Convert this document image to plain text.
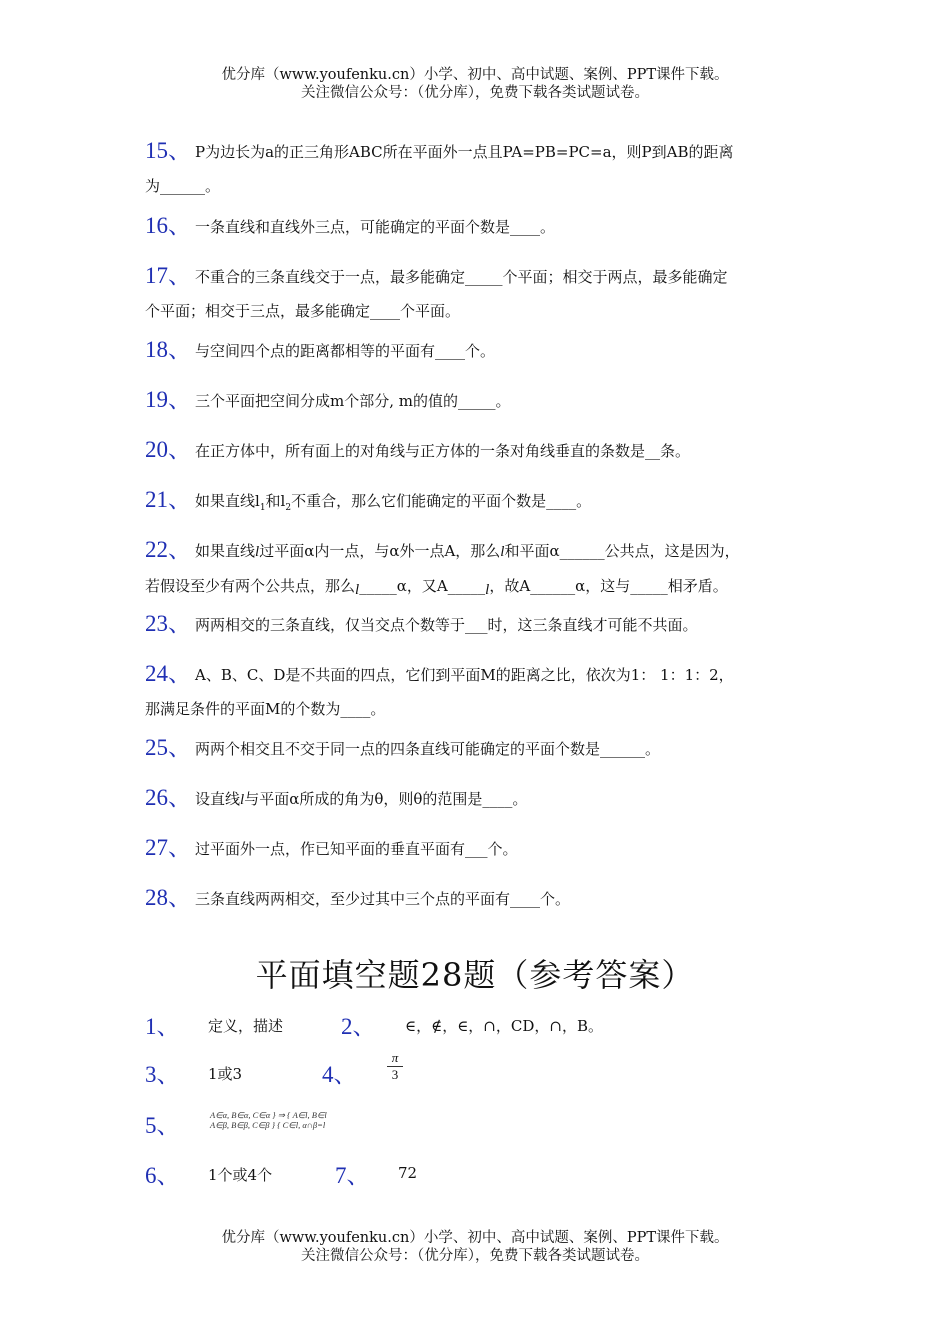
优分库（www.youfenku.cn）小学、初中、高中试题、案例、PPT课件下载。
关注微信公众号：（优分库），免费下载各类试题试卷。
15、 P为边长为a的正三角形ABC所在平面外一点且PA=PB=PC=a，则P到AB的距离
为______。
16、 一条直线和直线外三点，可能确定的平面个数是____。
17、 不重合的三条直线交于一点，最多能确定_____个平面；相交于两点，最多能确定
个平面；相交于三点，最多能确定____个平面。
18、 与空间四个点的距离都相等的平面有____个。
19、 三个平面把空间分成m个部分, m的值的_____。
20、 在正方体中，所有面上的对角线与正方体的一条对角线垂直的条数是__条。
21、 如果直线$l_1$和$l_2$不重合，那么它们能确定的平面个数是____。
22、 如果直线l过平面α内一点，与α外一点A，那么l和平面α______公共点，这是因为，
若假设至少有两个公共点，那么l_____α，又A_____l，故A______α，这与_____相矛盾。
23、 两两相交的三条直线，仅当交点个数等于___时，这三条直线才可能不共面。
24、 A、B、C、D是不共面的四点，它们到平面M的距离之比，依次为1： 1：1：2，
那满足条件的平面M的个数为____。
25、 两两个相交且不交于同一点的四条直线可能确定的平面个数是______。
26、 设直线l与平面α所成的角为θ，则θ的范围是____。
27、 过平面外一点，作已知平面的垂直平面有___个。
28、 三条直线两两相交，至少过其中三个点的平面有____个。
平面填空题28题（参考答案）
1、 定义，描述	2、 ∈，∉，∈，∩，CD，∩，B。
3、 1或3	4、
π
3
5、	A∈α, B∈α, C∈α } ⇒ { A∈l, B∈l
A∈β, B∈β, C∈β } { C∈l, α∩β=l
6、 1个或4个	7、 72
优分库（www.youfenku.cn）小学、初中、高中试题、案例、PPT课件下载。
关注微信公众号：（优分库），免费下载各类试题试卷。
